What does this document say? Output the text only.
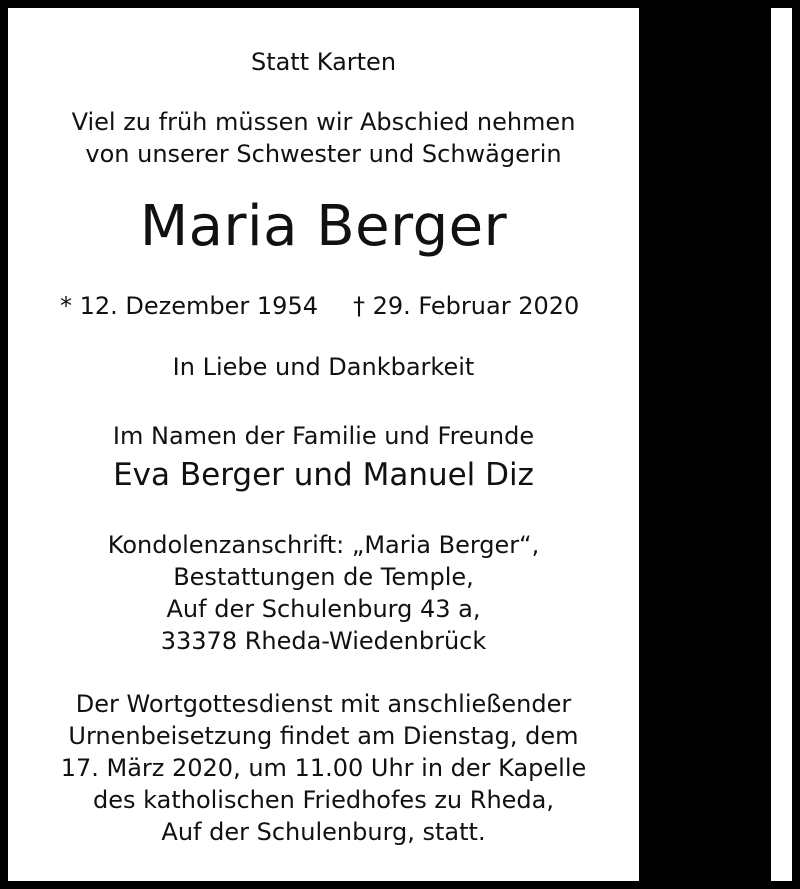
Statt Karten
Viel zu früh müssen wir Abschied nehmen
von unserer Schwester und Schwägerin
Maria Berger
* 12. Dezember 1954 † 29. Februar 2020
In Liebe und Dankbarkeit
Im Namen der Familie und Freunde
Eva Berger und Manuel Diz
Kondolenzanschrift: „Maria Berger“,
Bestattungen de Temple,
Auf der Schulenburg 43 a,
33378 Rheda-Wiedenbrück
Der Wortgottesdienst mit anschließender
Urnenbeisetzung findet am Dienstag, dem
17. März 2020, um 11.00 Uhr in der Kapelle
des katholischen Friedhofes zu Rheda,
Auf der Schulenburg, statt.
